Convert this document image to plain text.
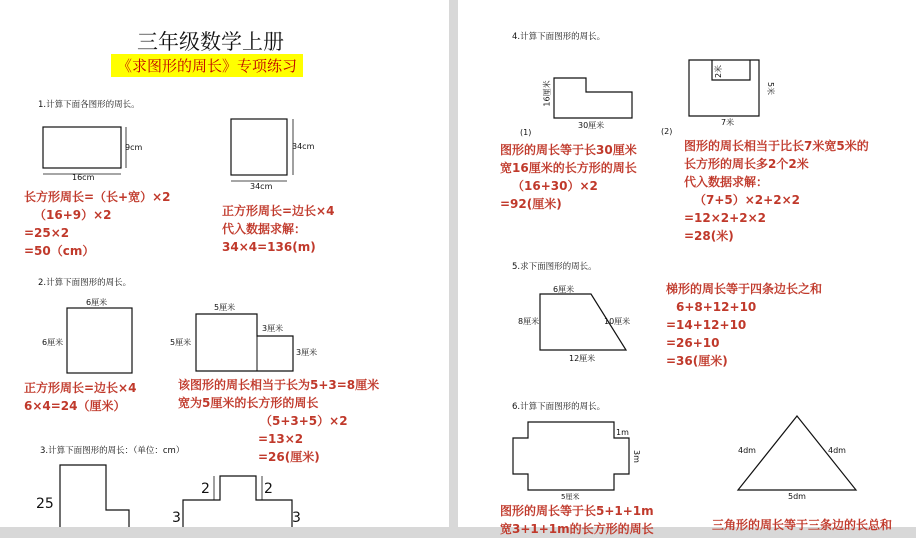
三年级数学上册
《求图形的周长》专项练习
1.计算下面各图形的周长。
16cm
9cm
34cm
34cm
长方形周长=（长+宽）×2
（16+9）×2
=25×2
=50（cm）
正方形周长=边长×4
代入数据求解：
34×4=136(m)
2.计算下面图形的周长。
6厘米
6厘米
5厘米
5厘米
3厘米
3厘米
正方形周长=边长×4
6×4=24（厘米）
该图形的周长相当于长为5+3=8厘米
宽为5厘米的长方形的周长
（5+3+5）×2
=13×2
=26(厘米)
3.计算下面图形的周长：（单位：cm）
25
2	2
3	3
4.计算下面图形的周长。
16厘米
30厘米
(1)
2米
5米
7米
(2)
图形的周长等于长30厘米
宽16厘米的长方形的周长
（16+30）×2
=92(厘米)
图形的周长相当于比长7米宽5米的
长方形的周长多2个2米
代入数据求解：
（7+5）×2+2×2
=12×2+2×2
=28(米)
5.求下面图形的周长。
6厘米
8厘米	10厘米
12厘米
梯形的周长等于四条边长之和
6+8+12+10
=14+12+10
=26+10
=36(厘米)
6.计算下面图形的周长。
1m
3m
5厘米
4dm	4dm
5dm
图形的周长等于长5+1+1m
宽3+1+1m的长方形的周长	三角形的周长等于三条边的长总和
